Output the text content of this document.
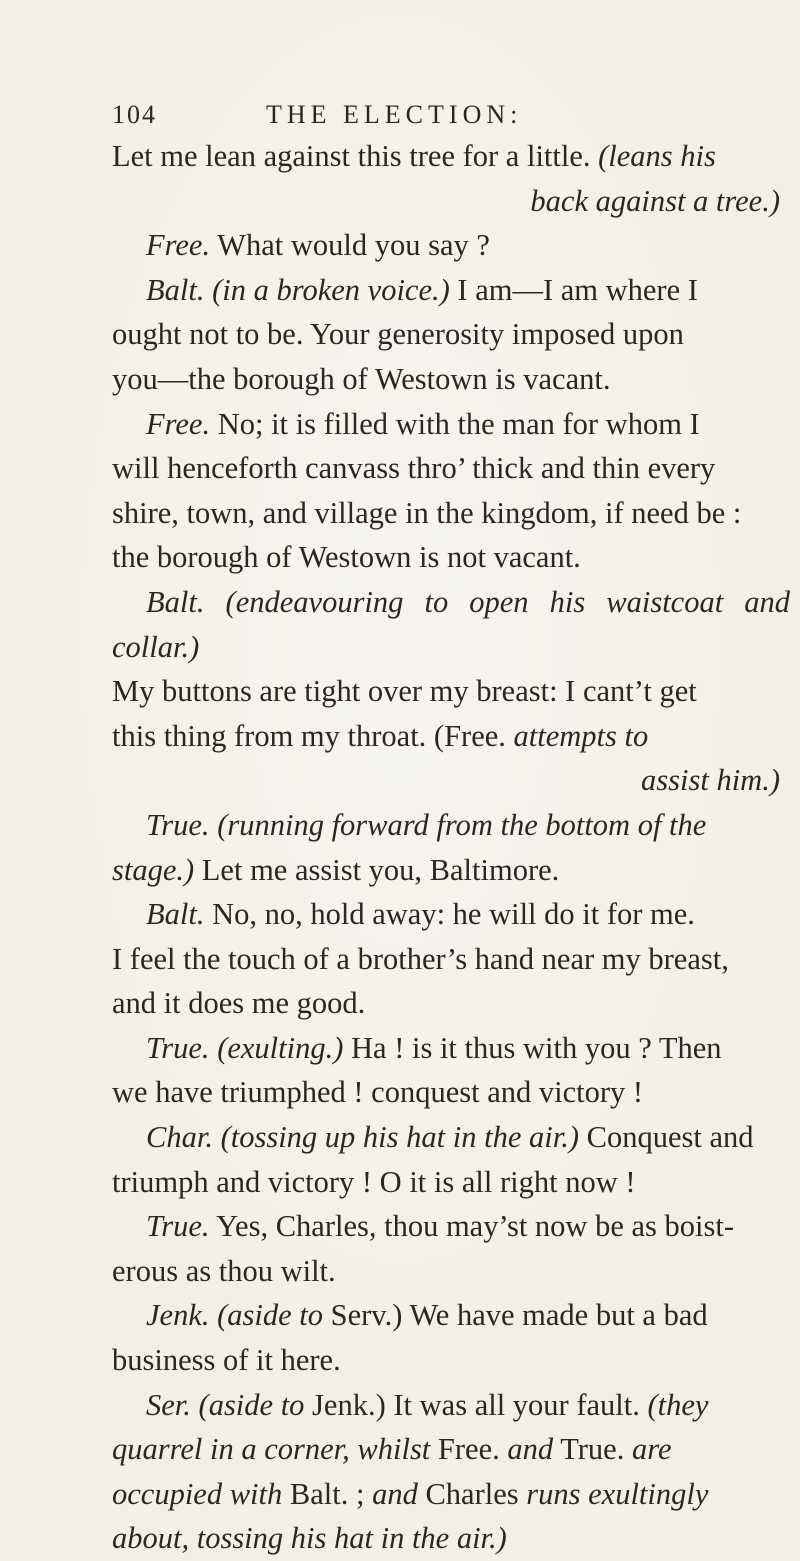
104	THE ELECTION:

Let me lean against this tree for a little. (leans his

back against a tree.)

Free. What would you say ?

Balt. (in a broken voice.) I am—I am where I
ought not to be. Your generosity imposed upon
you—the borough of Westown is vacant.

Free. No; it is filled with the man for whom I
will henceforth canvass thro’ thick and thin every
shire, town, and village in the kingdom, if need be :
the borough of Westown is not vacant.

Balt. (endeavouring to open his waistcoat and collar.)
My buttons are tight over my breast: I cant’t get
this thing from my throat. (Free. attempts to

assist him.)

True. (running forward from the bottom of the
stage.) Let me assist you, Baltimore.

Balt. No, no, hold away: he will do it for me.
I feel the touch of a brother’s hand near my breast,
and it does me good.

True. (exulting.) Ha ! is it thus with you ? Then
we have triumphed ! conquest and victory !

Char. (tossing up his hat in the air.) Conquest and
triumph and victory ! O it is all right now !

True. Yes, Charles, thou may’st now be as boist-
erous as thou wilt.

Jenk. (aside to Serv.) We have made but a bad
business of it here.

Ser. (aside to Jenk.) It was all your fault. (they
quarrel in a corner, whilst Free. and True. are
occupied with Balt. ; and Charles runs exultingly
about, tossing his hat in the air.)
